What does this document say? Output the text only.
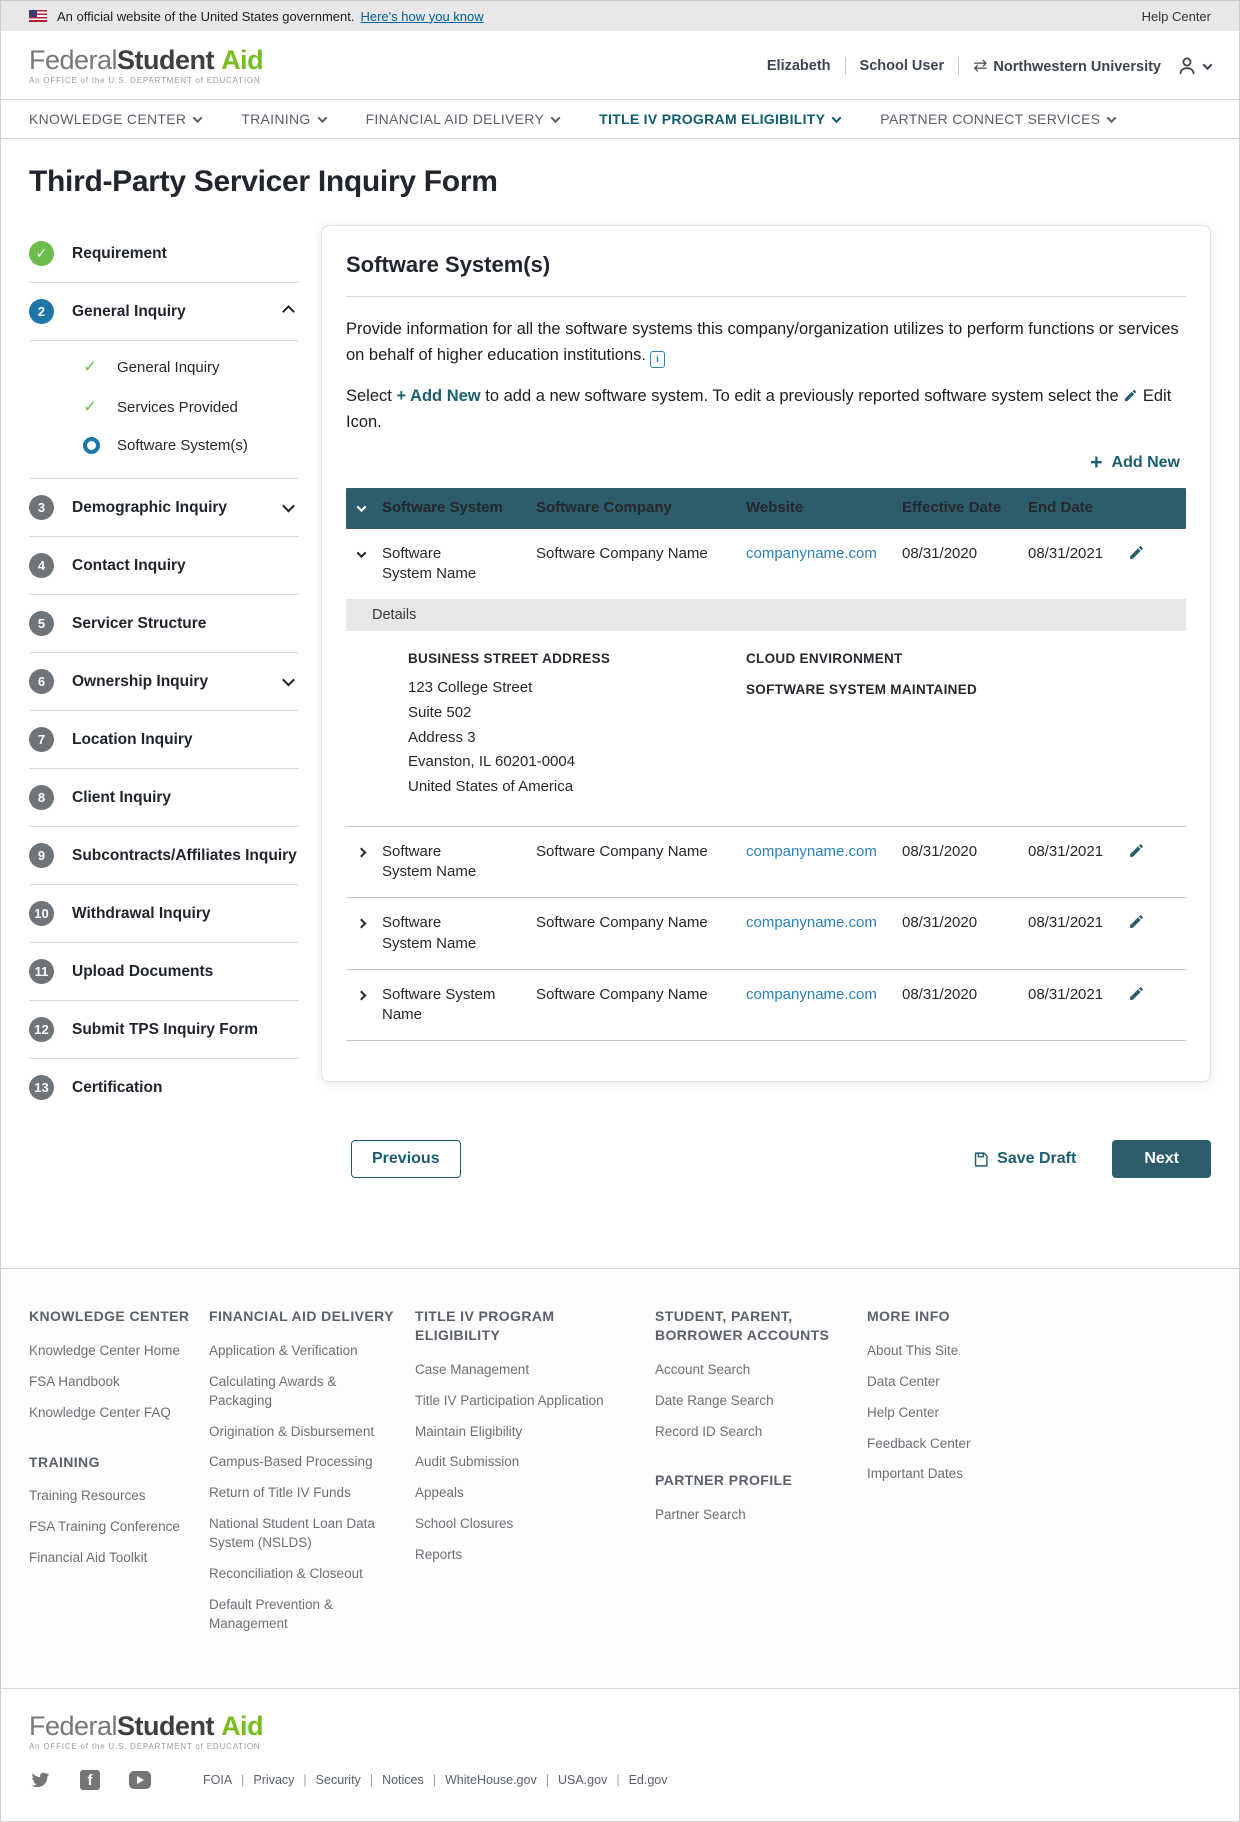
An official website of the United States government. Here's how you know	Help Center
FederalStudent Aid
An OFFICE of the U.S. DEPARTMENT of EDUCATION
Elizabeth School User ⇄ Northwestern University
KNOWLEDGE CENTER	TRAINING	FINANCIAL AID DELIVERY	TITLE IV PROGRAM ELIGIBILITY	PARTNER CONNECT SERVICES
Third-Party Servicer Inquiry Form
✓	Requirement
2	General Inquiry
✓ General Inquiry
✓ Services Provided
Software System(s)
3	Demographic Inquiry
4	Contact Inquiry
5	Servicer Structure
6	Ownership Inquiry
7	Location Inquiry
8	Client Inquiry
9	Subcontracts/Affiliates Inquiry
10	Withdrawal Inquiry
11	Upload Documents
12	Submit TPS Inquiry Form
13	Certification
Software System(s)

Provide information for all the software systems this company/organization utilizes to perform functions or services on behalf of higher education institutions. i

Select + Add New to add a new software system. To edit a previously reported software system select the Edit Icon.

+ Add New
Software System	Software Company	Website	Effective Date	End Date
Software System Name
Software Company Name	companyname.com	08/31/2020	08/31/2021
Details

BUSINESS STREET ADDRESS

123 College Street
Suite 502
Address 3
Evanston, IL 60201-0004
United States of America

CLOUD ENVIRONMENT

SOFTWARE SYSTEM MAINTAINED

Software System Name
Software Company Name	companyname.com	08/31/2020	08/31/2021
Software System Name
Software Company Name	companyname.com	08/31/2020	08/31/2021
Software System Name
Software Company Name	companyname.com	08/31/2020	08/31/2021
Previous	Save Draft	Next

KNOWLEDGE CENTER

Knowledge Center Home
FSA Handbook
Knowledge Center FAQ

TRAINING

Training Resources
FSA Training Conference
Financial Aid Toolkit

FINANCIAL AID DELIVERY

Application & Verification
Calculating Awards & Packaging
Origination & Disbursement
Campus-Based Processing
Return of Title IV Funds
National Student Loan Data System (NSLDS)
Reconciliation & Closeout
Default Prevention & Management

TITLE IV PROGRAM ELIGIBILITY

Case Management
Title IV Participation Application
Maintain Eligibility
Audit Submission
Appeals
School Closures
Reports

STUDENT, PARENT, BORROWER ACCOUNTS

Account Search
Date Range Search
Record ID Search

PARTNER PROFILE

Partner Search

MORE INFO

About This Site
Data Center
Help Center
Feedback Center
Important Dates
FederalStudent Aid
An OFFICE of the U.S. DEPARTMENT of EDUCATION
f	FOIA |	Privacy |	Security |	Notices |	WhiteHouse.gov |	USA.gov |	Ed.gov
